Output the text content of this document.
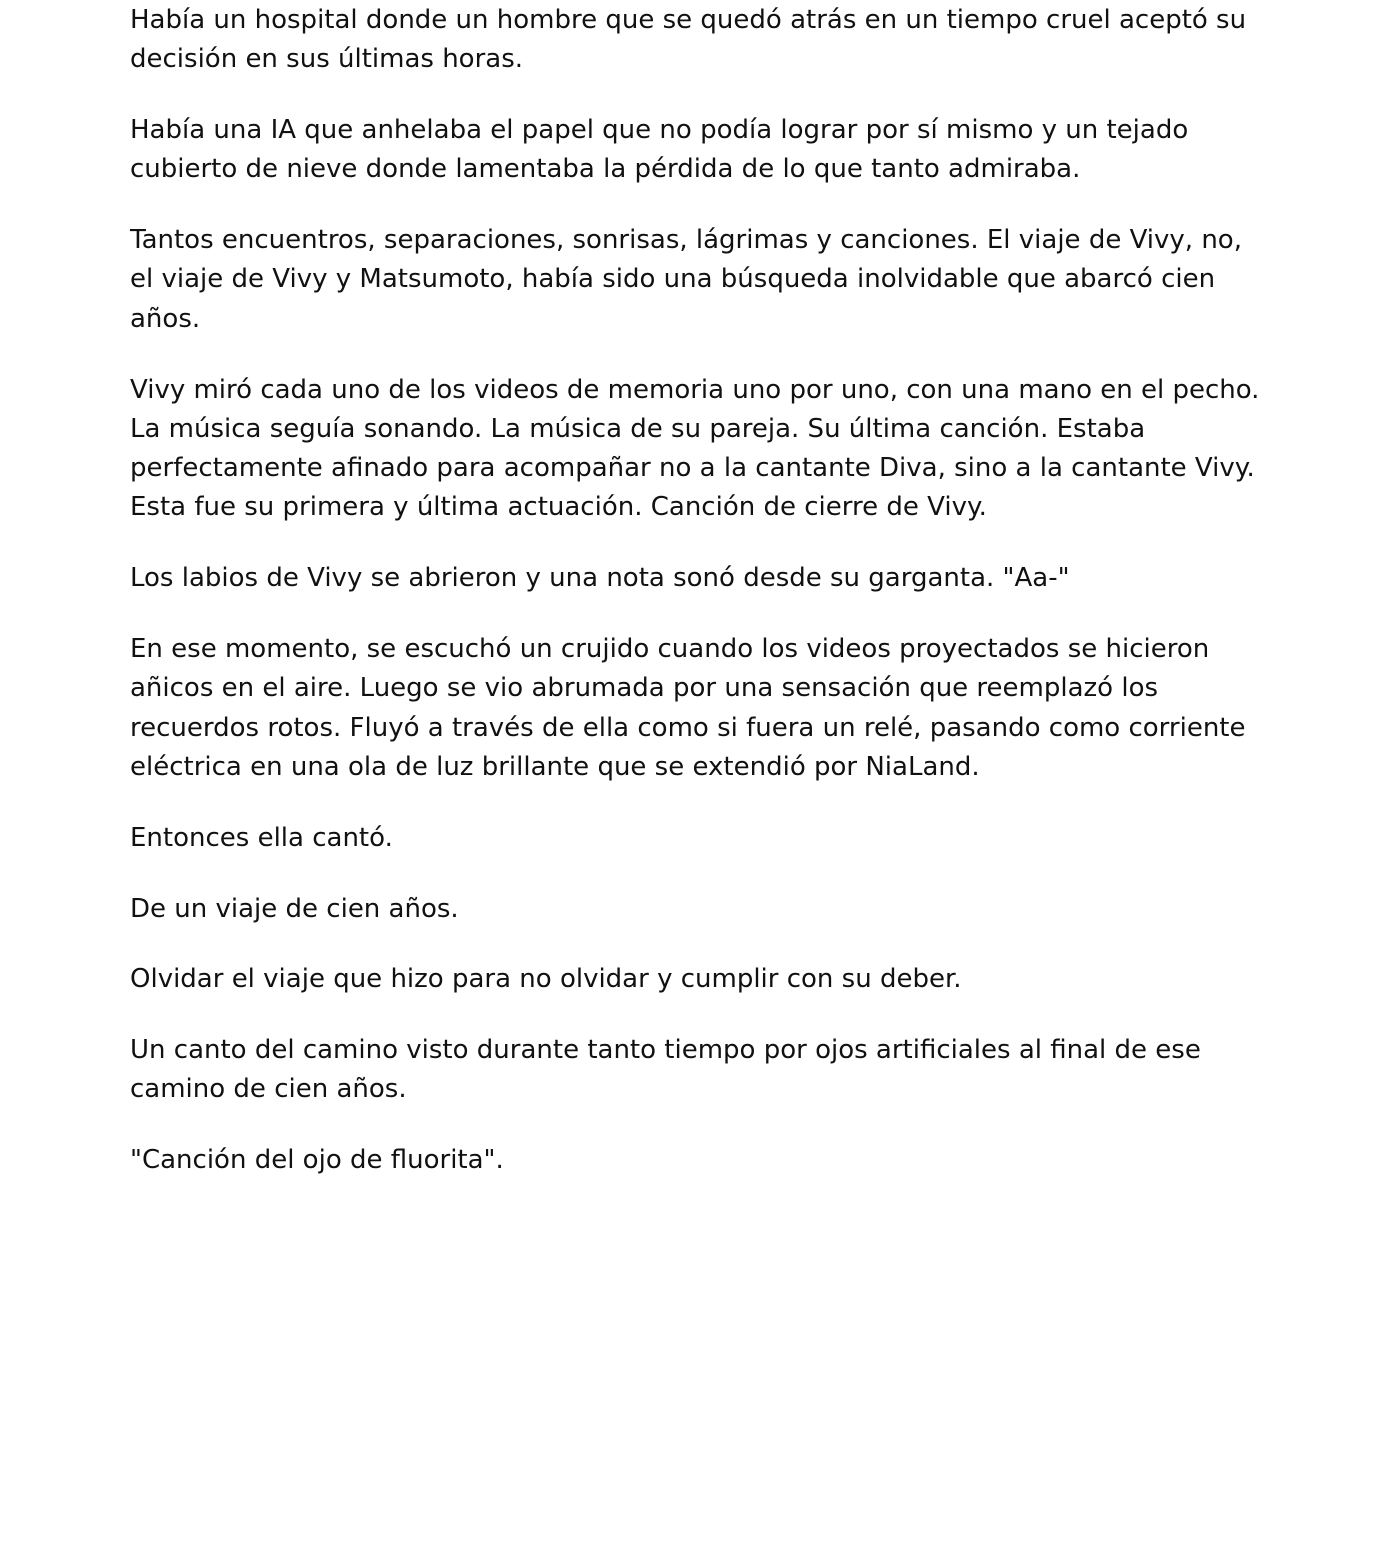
Había un hospital donde un hombre que se quedó atrás en un tiempo cruel aceptó su decisión en sus últimas horas.

Había una IA que anhelaba el papel que no podía lograr por sí mismo y un tejado cubierto de nieve donde lamentaba la pérdida de lo que tanto admiraba.

Tantos encuentros, separaciones, sonrisas, lágrimas y canciones. El viaje de Vivy, no, el viaje de Vivy y Matsumoto, había sido una búsqueda inolvidable que abarcó cien años.

Vivy miró cada uno de los videos de memoria uno por uno, con una mano en el pecho. La música seguía sonando. La música de su pareja. Su última canción. Estaba perfectamente afinado para acompañar no a la cantante Diva, sino a la cantante Vivy. Esta fue su primera y última actuación. Canción de cierre de Vivy.

Los labios de Vivy se abrieron y una nota sonó desde su garganta. "Aa-"

En ese momento, se escuchó un crujido cuando los videos proyectados se hicieron añicos en el aire. Luego se vio abrumada por una sensación que reemplazó los recuerdos rotos. Fluyó a través de ella como si fuera un relé, pasando como corriente eléctrica en una ola de luz brillante que se extendió por NiaLand.

Entonces ella cantó.

De un viaje de cien años.

Olvidar el viaje que hizo para no olvidar y cumplir con su deber.

Un canto del camino visto durante tanto tiempo por ojos artificiales al final de ese camino de cien años.

"Canción del ojo de fluorita".
